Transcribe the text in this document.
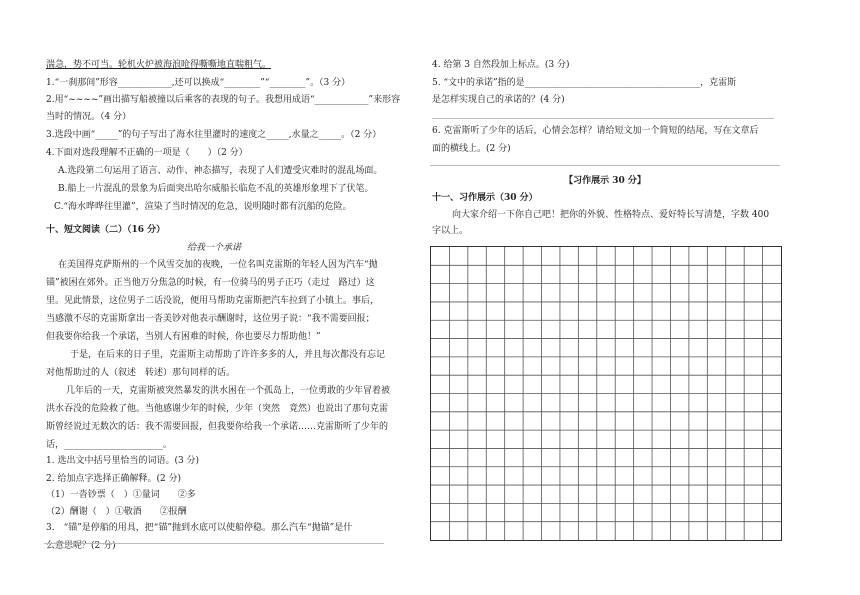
湍急，势不可当。轮机火炉被海浪呛得嘶嘶地直喘粗气。
1.“一刹那间”形容____________,还可以换成“________”“________”。（3 分）
2.用“~~~~”画出描写船被撞以后乘客的表现的句子。我想用成语“____________”来形容
当时的情况。（4 分）
3.选段中画“_____”的句子写出了海水往里灌时的速度之_____,水量之_____。（2 分）
4.下面对选段理解不正确的一项是（　　）（2 分）
A.选段第二句运用了语言、动作、神态描写，表现了人们遭受灾难时的混乱场面。
B.船上一片混乱的景象为后面突出哈尔威船长临危不乱的英雄形象埋下了伏笔。
C.“海水哗哗往里灌”，渲染了当时情况的危急，说明随时都有沉船的危险。
十、短文阅读（二）（16 分）
给我一个承诺
在美国得克萨斯州的一个风雪交加的夜晚，一位名叫克雷斯的年轻人因为汽车“抛
锚”被困在郊外。正当他万分焦急的时候，有一位骑马的男子正巧（走过　路过）这
里。见此情景，这位男子二话没说，便用马帮助克雷斯把汽车拉到了小镇上。事后，
当感激不尽的克雷斯拿出一沓美钞对他表示酬谢时，这位男子说：“我不需要回报；
但我要你给我一个承诺，当别人有困难的时候，你也要尽力帮助他！”
于是，在后来的日子里，克雷斯主动帮助了许许多多的人，并且每次都没有忘记
对他帮助过的人（叙述　转述）那句同样的话。
几年后的一天，克雷斯被突然暴发的洪水困在一个孤岛上，一位勇敢的少年冒着被
洪水吞没的危险救了他。当他感谢少年的时候，少年（突然　竟然）也说出了那句克雷
斯曾经说过无数次的话：我不需要回报，但我要你给我一个承诺……克雷斯听了少年的
话，______________________。
1. 选出文中括号里恰当的词语。(3 分)
2. 给加点字选择正确解释。(2 分)
（1）一沓钞票（　）①量词　　②多
（2）酬谢（　）①敬酒　　②报酬
3.　“锚”是停船的用具，把“锚”抛到水底可以使船停稳。那么汽车“抛锚”是什
么意思呢？(2 分)
4. 给第 3 自然段加上标点。(3 分)
5. “文中的承诺”指的是_______________________________________，克雷斯
是怎样实现自己的承诺的？(4 分)
6. 克雷斯听了少年的话后，心情会怎样？请给短文加一个简短的结尾，写在文章后
面的横线上。(2 分)
【习作展示 30 分】
十一、习作展示（30 分）
向大家介绍一下你自己吧！把你的外貌、性格特点、爱好特长写清楚，字数 400
字以上。
